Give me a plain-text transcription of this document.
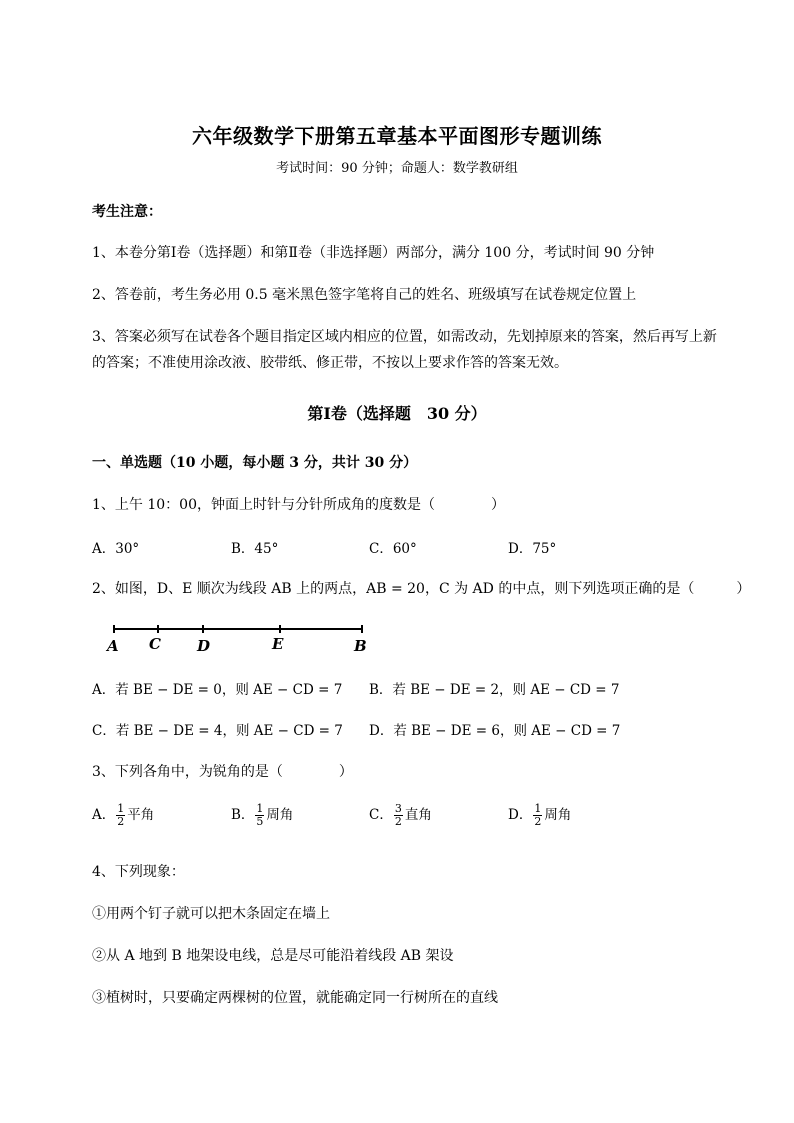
六年级数学下册第五章基本平面图形专题训练
考试时间：90 分钟；命题人：数学教研组
考生注意：
1、本卷分第Ⅰ卷（选择题）和第Ⅱ卷（非选择题）两部分，满分 100 分，考试时间 90 分钟
2、答卷前，考生务必用 0.5 毫米黑色签字笔将自己的姓名、班级填写在试卷规定位置上
3、答案必须写在试卷各个题目指定区域内相应的位置，如需改动，先划掉原来的答案，然后再写上新
的答案；不准使用涂改液、胶带纸、修正带，不按以上要求作答的答案无效。
第Ⅰ卷（选择题　30 分）
一、单选题（10 小题，每小题 3 分，共计 30 分）
1、上午 10：00，钟面上时针与分针所成角的度数是（　　　　）
A．30°	B．45°	C．60°	D．75°
2、如图，D、E 顺次为线段 AB 上的两点，AB = 20，C 为 AD 的中点，则下列选项正确的是（　　　）
A C D	E	B
A．若 BE − DE = 0，则 AE − CD = 7 B．若 BE − DE = 2，则 AE − CD = 7
C．若 BE − DE = 4，则 AE − CD = 7 D．若 BE − DE = 6，则 AE − CD = 7
3、下列各角中，为锐角的是（　　　　）
A． $\frac{1}{2}$ 平角	B． $\frac{1}{5}$ 周角	C． $\frac{3}{2}$ 直角	D． $\frac{1}{2}$ 周角
4、下列现象：
①用两个钉子就可以把木条固定在墙上
②从 A 地到 B 地架设电线，总是尽可能沿着线段 AB 架设
③植树时，只要确定两棵树的位置，就能确定同一行树所在的直线
